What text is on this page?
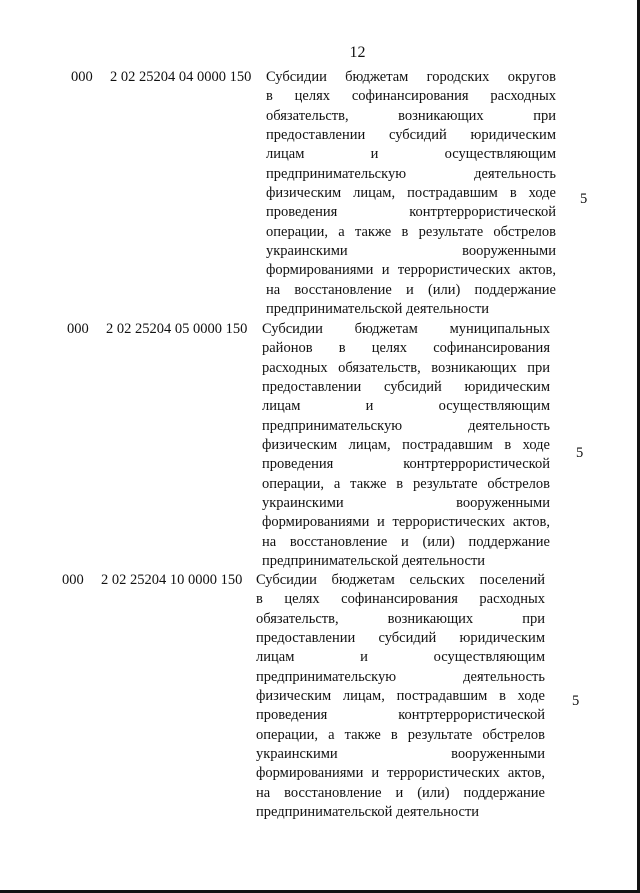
12
000 2 02 25204 04 0000 150 Субсидии бюджетам городских округов
в целях софинансирования расходных
обязательств, возникающих при
предоставлении субсидий юридическим
лицам и осуществляющим
предпринимательскую деятельность
физическим лицам, пострадавшим в ходе
проведения контртеррористической
операции, а также в результате обстрелов
украинскими вооруженными
формированиями и террористических актов,
на восстановление и (или) поддержание
предпринимательской деятельности
5
000 2 02 25204 05 0000 150 Субсидии бюджетам муниципальных
районов в целях софинансирования
расходных обязательств, возникающих при
предоставлении субсидий юридическим
лицам и осуществляющим
предпринимательскую деятельность
физическим лицам, пострадавшим в ходе
проведения контртеррористической
операции, а также в результате обстрелов
украинскими вооруженными
формированиями и террористических актов,
на восстановление и (или) поддержание
предпринимательской деятельности
5
000 2 02 25204 10 0000 150 Субсидии бюджетам сельских поселений
в целях софинансирования расходных
обязательств, возникающих при
предоставлении субсидий юридическим
лицам и осуществляющим
предпринимательскую деятельность
физическим лицам, пострадавшим в ходе
проведения контртеррористической
операции, а также в результате обстрелов
украинскими вооруженными
формированиями и террористических актов,
на восстановление и (или) поддержание
предпринимательской деятельности
5
